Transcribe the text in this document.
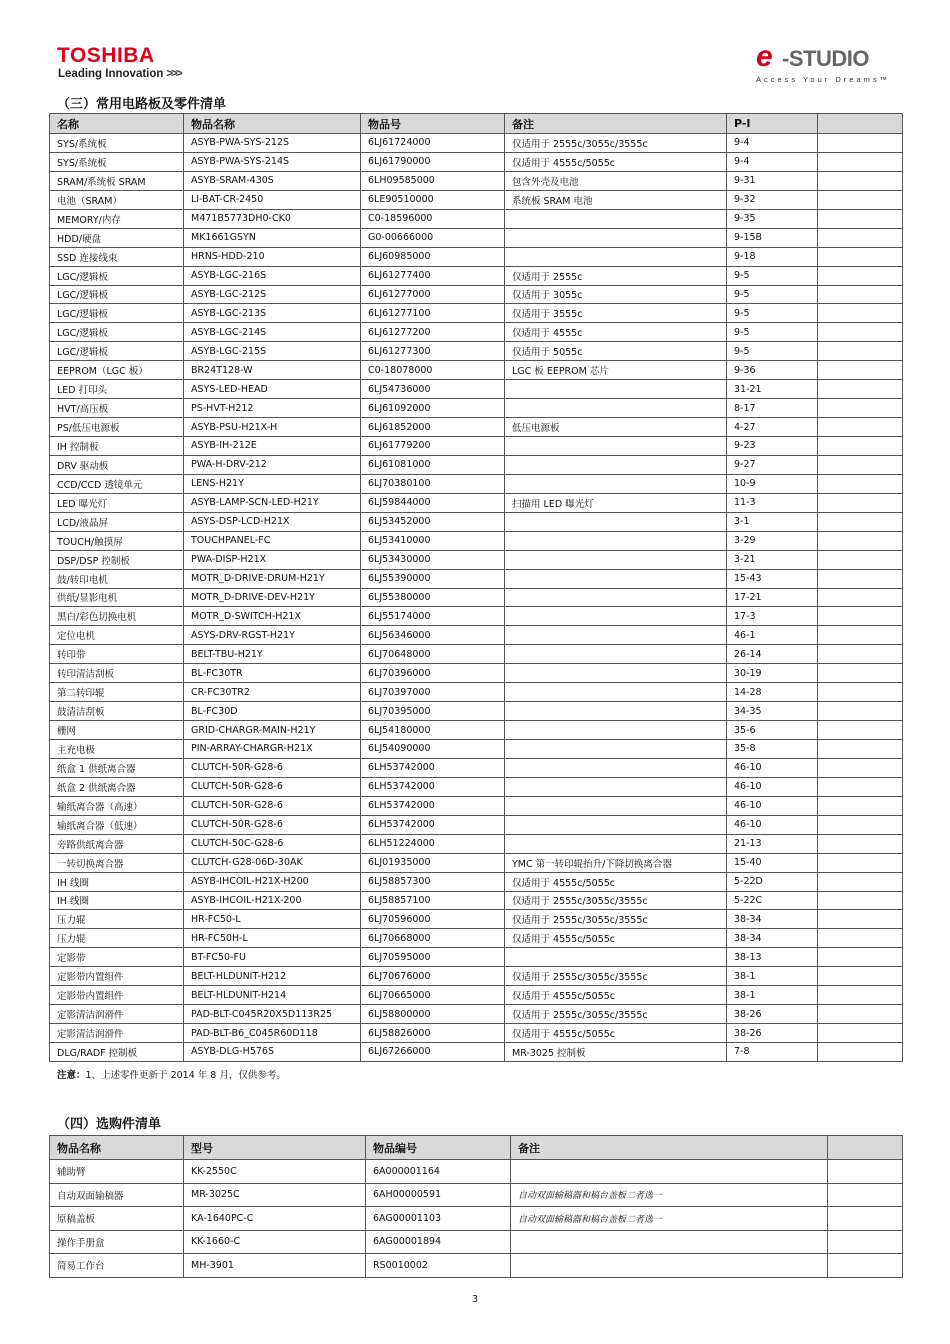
TOSHIBA
Leading Innovation >>>
e -STUDIO
Access Your Dreams™
（三）常用电路板及零件清单
名称	物品名称	物品号	备注	P-I	
SYS/系统板	ASYB-PWA-SYS-212S	6LJ61724000	仅适用于 2555c/3055c/3555c	9-4	
SYS/系统板	ASYB-PWA-SYS-214S	6LJ61790000	仅适用于 4555c/5055c	9-4	
SRAM/系统板 SRAM	ASYB-SRAM-430S	6LH09585000	包含外壳及电池	9-31	
电池（SRAM）	LI-BAT-CR-2450	6LE90510000	系统板 SRAM 电池	9-32	
MEMORY/内存	M471B5773DH0-CK0	C0-18596000		9-35	
HDD/硬盘	MK1661GSYN	G0-00666000		9-15B	
SSD 连接线束	HRNS-HDD-210	6LJ60985000		9-18	
LGC/逻辑板	ASYB-LGC-216S	6LJ61277400	仅适用于 2555c	9-5	
LGC/逻辑板	ASYB-LGC-212S	6LJ61277000	仅适用于 3055c	9-5	
LGC/逻辑板	ASYB-LGC-213S	6LJ61277100	仅适用于 3555c	9-5	
LGC/逻辑板	ASYB-LGC-214S	6LJ61277200	仅适用于 4555c	9-5	
LGC/逻辑板	ASYB-LGC-215S	6LJ61277300	仅适用于 5055c	9-5	
EEPROM（LGC 板）	BR24T128-W	C0-18078000	LGC 板 EEPROM 芯片	9-36	
LED 打印头	ASYS-LED-HEAD	6LJ54736000		31-21	
HVT/高压板	PS-HVT-H212	6LJ61092000		8-17	
PS/低压电源板	ASYB-PSU-H21X-H	6LJ61852000	低压电源板	4-27	
IH 控制板	ASYB-IH-212E	6LJ61779200		9-23	
DRV 驱动板	PWA-H-DRV-212	6LJ61081000		9-27	
CCD/CCD 透镜单元	LENS-H21Y	6LJ70380100		10-9	
LED 曝光灯	ASYB-LAMP-SCN-LED-H21Y	6LJ59844000	扫描用 LED 曝光灯	11-3	
LCD/液晶屏	ASYS-DSP-LCD-H21X	6LJ53452000		3-1	
TOUCH/触摸屏	TOUCHPANEL-FC	6LJ53410000		3-29	
DSP/DSP 控制板	PWA-DISP-H21X	6LJ53430000		3-21	
鼓/转印电机	MOTR_D-DRIVE-DRUM-H21Y	6LJ55390000		15-43	
供纸/显影电机	MOTR_D-DRIVE-DEV-H21Y	6LJ55380000		17-21	
黑白/彩色切换电机	MOTR_D-SWITCH-H21X	6LJ55174000		17-3	
定位电机	ASYS-DRV-RGST-H21Y	6LJ56346000		46-1	
转印带	BELT-TBU-H21Y	6LJ70648000		26-14	
转印清洁刮板	BL-FC30TR	6LJ70396000		30-19	
第二转印辊	CR-FC30TR2	6LJ70397000		14-28	
鼓清洁刮板	BL-FC30D	6LJ70395000		34-35	
栅网	GRID-CHARGR-MAIN-H21Y	6LJ54180000		35-6	
主充电极	PIN-ARRAY-CHARGR-H21X	6LJ54090000		35-8	
纸盒 1 供纸离合器	CLUTCH-50R-G28-6	6LH53742000		46-10	
纸盒 2 供纸离合器	CLUTCH-50R-G28-6	6LH53742000		46-10	
输纸离合器（高速）	CLUTCH-50R-G28-6	6LH53742000		46-10	
输纸离合器（低速）	CLUTCH-50R-G28-6	6LH53742000		46-10	
旁路供纸离合器	CLUTCH-50C-G28-6	6LH51224000		21-13	
一转切换离合器	CLUTCH-G28-06D-30AK	6LJ01935000	YMC 第一转印辊抬升/下降切换离合器	15-40	
IH 线圈	ASYB-IHCOIL-H21X-H200	6LJ58857300	仅适用于 4555c/5055c	5-22D	
IH 线圈	ASYB-IHCOIL-H21X-200	6LJ58857100	仅适用于 2555c/3055c/3555c	5-22C	
压力辊	HR-FC50-L	6LJ70596000	仅适用于 2555c/3055c/3555c	38-34	
压力辊	HR-FC50H-L	6LJ70668000	仅适用于 4555c/5055c	38-34	
定影带	BT-FC50-FU	6LJ70595000		38-13	
定影带内置组件	BELT-HLDUNIT-H212	6LJ70676000	仅适用于 2555c/3055c/3555c	38-1	
定影带内置组件	BELT-HLDUNIT-H214	6LJ70665000	仅适用于 4555c/5055c	38-1	
定影清洁润滑件	PAD-BLT-C045R20X5D113R25	6LJ58800000	仅适用于 2555c/3055c/3555c	38-26	
定影清洁润滑件	PAD-BLT-B6_C045R60D118	6LJ58826000	仅适用于 4555c/5055c	38-26	
DLG/RADF 控制板	ASYB-DLG-H576S	6LJ67266000	MR-3025 控制板	7-8	
注意：1、上述零件更新于 2014 年 8 月，仅供参考。
（四）选购件清单
物品名称	型号	物品编号	备注	
辅助臂	KK-2550C	6A000001164		
自动双面输稿器	MR-3025C	6AH00000591	自动双面输稿器和稿台盖板二者选一	
原稿盖板	KA-1640PC-C	6AG00001103	自动双面输稿器和稿台盖板二者选一	
操作手册盒	KK-1660-C	6AG00001894		
简易工作台	MH-3901	RS0010002		
3
